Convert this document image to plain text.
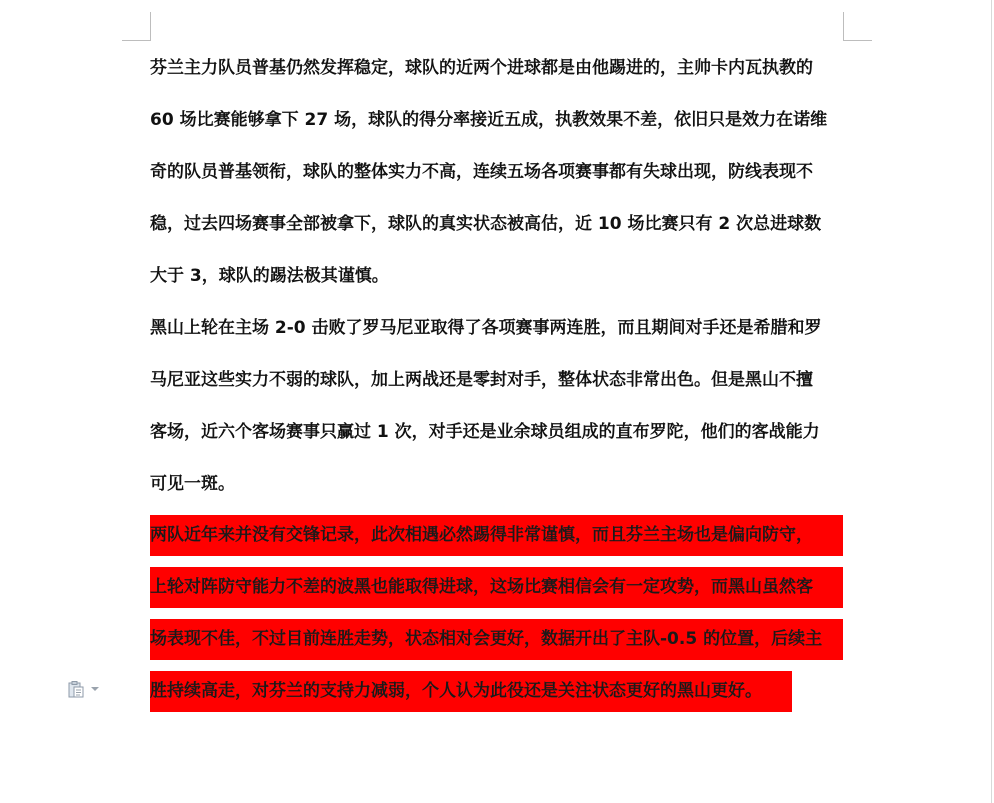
芬兰主力队员普基仍然发挥稳定，球队的近两个进球都是由他踢进的，主帅卡内瓦执教的
60 场比赛能够拿下 27 场，球队的得分率接近五成，执教效果不差，依旧只是效力在诺维
奇的队员普基领衔，球队的整体实力不高，连续五场各项赛事都有失球出现，防线表现不
稳，过去四场赛事全部被拿下，球队的真实状态被高估，近 10 场比赛只有 2 次总进球数
大于 3，球队的踢法极其谨慎。
黑山上轮在主场 2-0 击败了罗马尼亚取得了各项赛事两连胜，而且期间对手还是希腊和罗
马尼亚这些实力不弱的球队，加上两战还是零封对手，整体状态非常出色。但是黑山不擅
客场，近六个客场赛事只赢过 1 次，对手还是业余球员组成的直布罗陀，他们的客战能力
可见一斑。
两队近年来并没有交锋记录，此次相遇必然踢得非常谨慎，而且芬兰主场也是偏向防守，
上轮对阵防守能力不差的波黑也能取得进球，这场比赛相信会有一定攻势，而黑山虽然客
场表现不佳，不过目前连胜走势，状态相对会更好，数据开出了主队-0.5 的位置，后续主
胜持续高走，对芬兰的支持力减弱，个人认为此役还是关注状态更好的黑山更好。
